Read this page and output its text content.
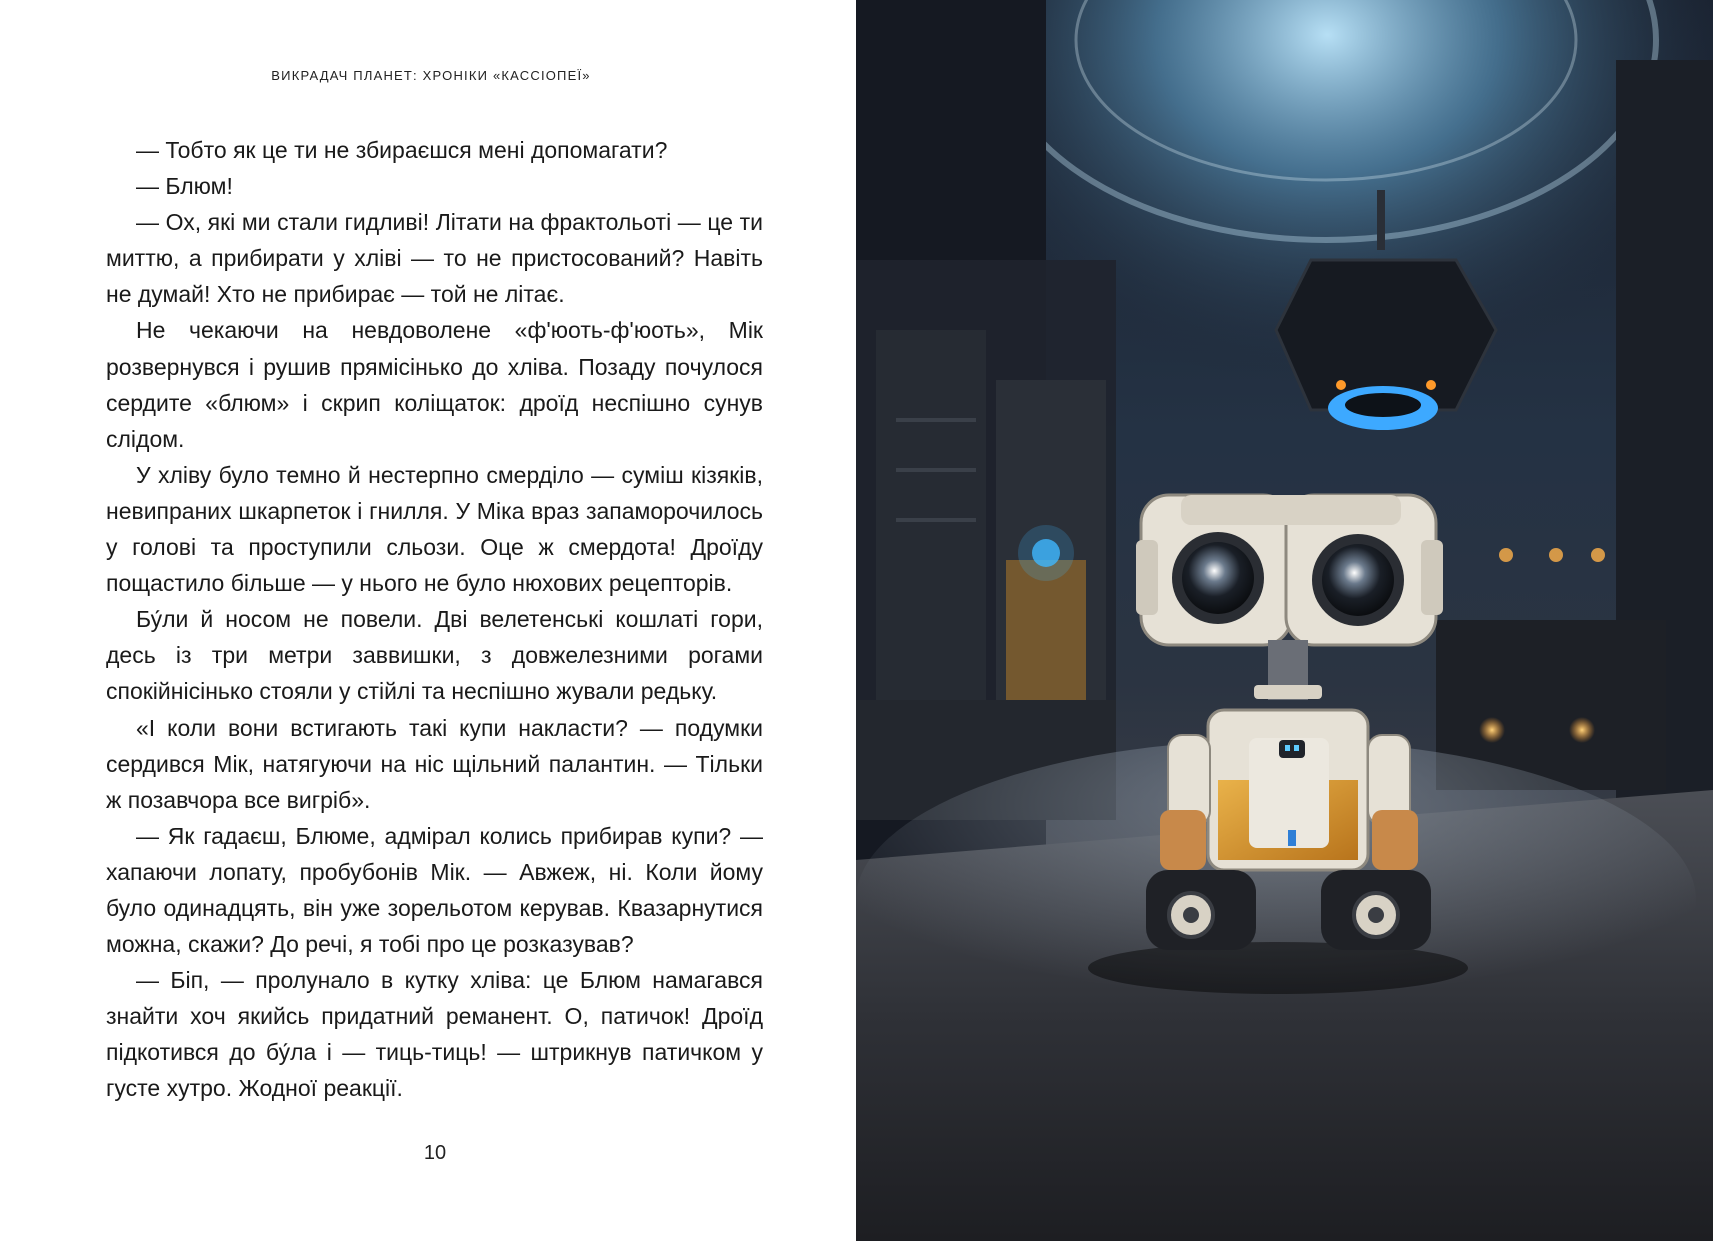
ВИКРАДАЧ ПЛАНЕТ: ХРОНІКИ «КАССІОПЕЇ»

— Тобто як це ти не збираєшся мені допомагати?

— Блюм!

— Ох, які ми стали гидливі! Літати на фрактольоті — це ти миттю, а прибирати у хліві — то не пристосований? Навіть не думай! Хто не прибирає — той не літає.

Не чекаючи на невдоволене «ф'юоть-ф'юоть», Мік розвернувся і рушив прямісінько до хліва. Позаду почулося сердите «блюм» і скрип коліщаток: дроїд неспішно сунув слідом.

У хліву було темно й нестерпно смерділо — суміш кізяків, невипраних шкарпеток і гнилля. У Міка враз запаморочилось у голові та проступили сльози. Оце ж смердота! Дроїду пощастило більше — у нього не було нюхових рецепторів.

Бу́ли й носом не повели. Дві велетенські кошлаті гори, десь із три метри заввишки, з довжелезними рогами спокійнісінько стояли у стійлі та неспішно жували редьку.

«І коли вони встигають такі купи накласти? — подумки сердився Мік, натягуючи на ніс щільний палантин. — Тільки ж позавчора все вигріб».

— Як гадаєш, Блюме, адмірал колись прибирав купи? — хапаючи лопату, пробубонів Мік. — Авжеж, ні. Коли йому було одинадцять, він уже зорельотом керував. Квазарнутися можна, скажи? До речі, я тобі про це розказував?

— Біп, — пролунало в кутку хліва: це Блюм намагався знайти хоч якийсь придатний реманент. О, патичок! Дроїд підкотився до бу́ла і — тиць-тиць! — штрикнув патичком у густе хутро. Жодної реакції.

10
